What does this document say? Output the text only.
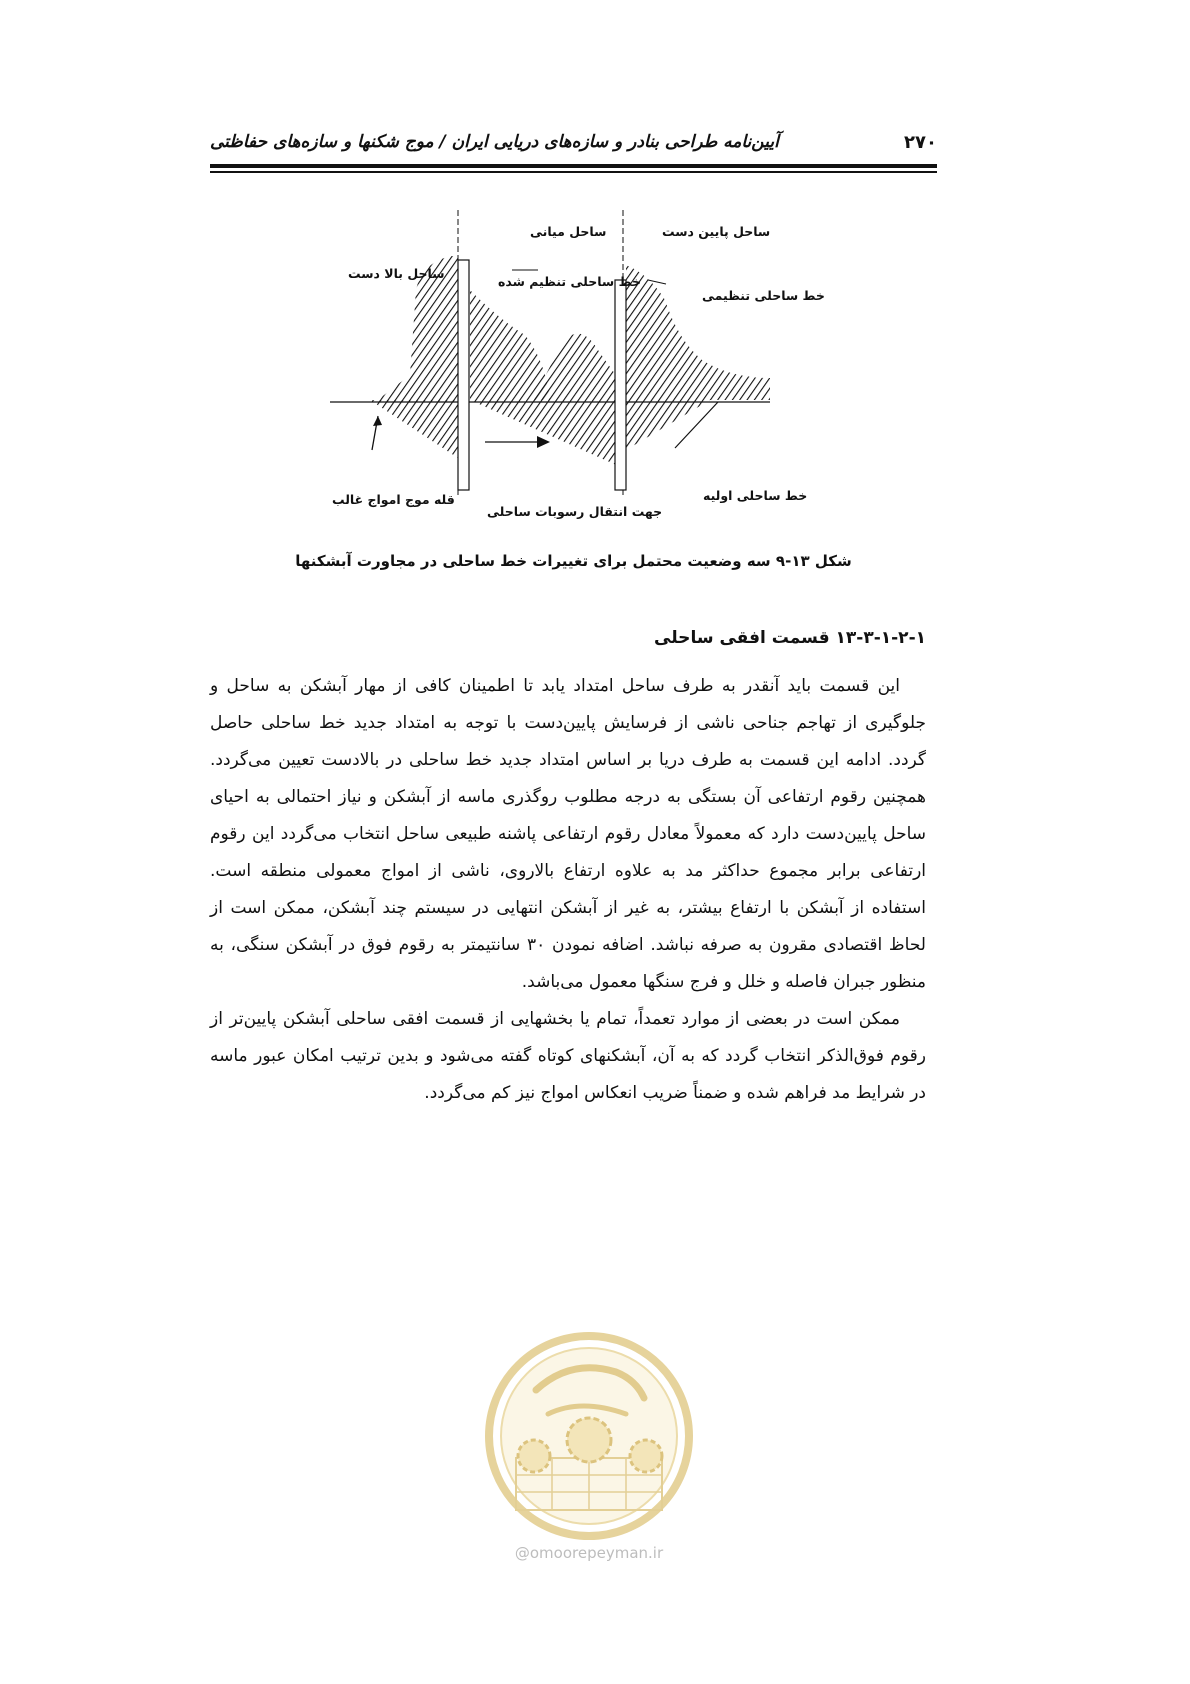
۲۷۰
آیین‌نامه طراحی بنادر و سازه‌های دریایی ایران / موج شکنها و سازه‌های حفاظتی
ساحل بالا دست
ساحل میانی	ساحل پایین دست
خط ساحلی تنظیم شده
خط ساحلی تنظیمی
قله موج امواج غالب
جهت انتقال رسوبات ساحلی
خط ساحلی اولیه
شکل ۱۳-۹ سه وضعیت محتمل برای تغییرات خط ساحلی در مجاورت آبشکنها
۱۳-۳-۱-۲-۱ قسمت افقی ساحلی

این قسمت باید آنقدر به طرف ساحل امتداد یابد تا اطمینان کافی از مهار آبشکن به ساحل و جلوگیری از تهاجم جناحی ناشی از فرسایش پایین‌دست با توجه به امتداد جدید خط ساحلی حاصل گردد. ادامه این قسمت به طرف دریا بر اساس امتداد جدید خط ساحلی در بالادست تعیین می‌گردد. همچنین رقوم ارتفاعی آن بستگی به درجه مطلوب روگذری ماسه از آبشکن و نیاز احتمالی به احیای ساحل پایین‌دست دارد که معمولاً معادل رقوم ارتفاعی پاشنه طبیعی ساحل انتخاب می‌گردد این رقوم ارتفاعی برابر مجموع حداکثر مد به علاوه ارتفاع بالاروی، ناشی از امواج معمولی منطقه است. استفاده از آبشکن با ارتفاع بیشتر، به غیر از آبشکن انتهایی در سیستم چند آبشکن، ممکن است از لحاظ اقتصادی مقرون به صرفه نباشد. اضافه نمودن ۳۰ سانتیمتر به رقوم فوق در آبشکن سنگی، به منظور جبران فاصله و خلل و فرج سنگها معمول می‌باشد.

ممکن است در بعضی از موارد تعمداً، تمام یا بخشهایی از قسمت افقی ساحلی آبشکن پایین‌تر از رقوم فوق‌الذکر انتخاب گردد که به آن، آبشکنهای کوتاه گفته می‌شود و بدین ترتیب امکان عبور ماسه در شرایط مد فراهم شده و ضمناً ضریب انعکاس امواج نیز کم می‌گردد.

@omoorepeyman.ir
